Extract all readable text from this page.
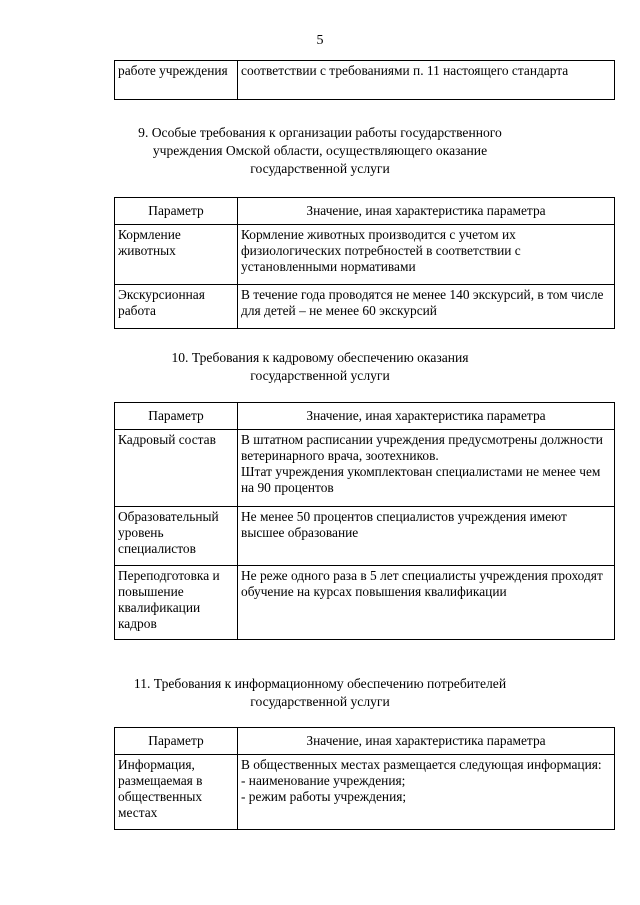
5
работе учреждения	соответствии с требованиями п. 11 настоящего стандарта
9. Особые требования к организации работы государственного
учреждения Омской области, осуществляющего оказание
государственной услуги
Параметр	Значение, иная характеристика параметра
Кормление животных	Кормление животных производится с учетом их физиологических потребностей в соответствии с установленными нормативами
Экскурсионная работа	В течение года проводятся не менее 140 экскурсий, в том числе для детей – не менее 60 экскурсий
10. Требования к кадровому обеспечению оказания
государственной услуги
Параметр	Значение, иная характеристика параметра
Кадровый состав	В штатном расписании учреждения предусмотрены должности ветеринарного врача, зоотехников.
Штат учреждения укомплектован специалистами не менее чем на 90 процентов

Образовательный уровень специалистов	Не менее 50 процентов специалистов учреждения имеют высшее образование
Переподготовка и повышение квалификации кадров	Не реже одного раза в 5 лет специалисты учреждения проходят обучение на курсах повышения квалификации
11. Требования к информационному обеспечению потребителей
государственной услуги
Параметр	Значение, иная характеристика параметра
Информация, размещаемая в общественных местах	В общественных местах размещается следующая информация:
- наименование учреждения;
- режим работы учреждения;
